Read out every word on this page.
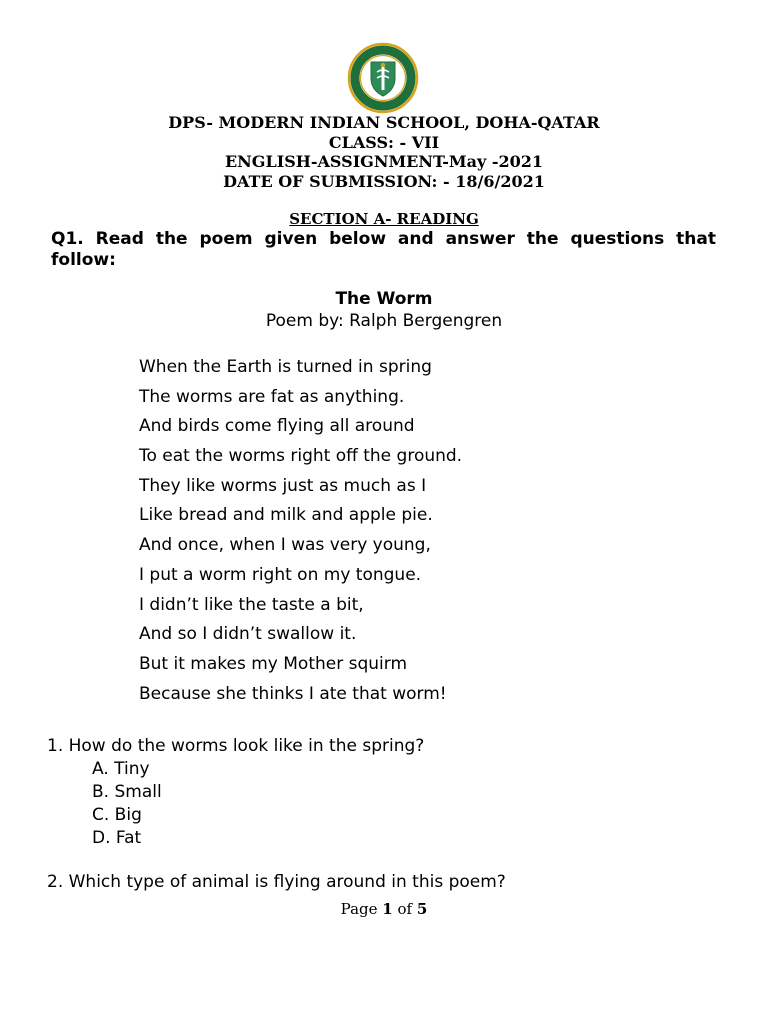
DPS- MODERN INDIAN SCHOOL, DOHA-QATAR
CLASS: - VII
ENGLISH-ASSIGNMENT-May -2021
DATE OF SUBMISSION: - 18/6/2021
SECTION A- READING
Q1. Read the poem given below and answer the questions that follow:
The Worm
Poem by: Ralph Bergengren
When the Earth is turned in spring
The worms are fat as anything.
And birds come flying all around
To eat the worms right off the ground.
They like worms just as much as I
Like bread and milk and apple pie.
And once, when I was very young,
I put a worm right on my tongue.
I didn’t like the taste a bit,
And so I didn’t swallow it.
But it makes my Mother squirm
Because she thinks I ate that worm!
1. How do the worms look like in the spring?
A. Tiny
B. Small
C. Big
D. Fat
2. Which type of animal is flying around in this poem?
Page 1 of 5
